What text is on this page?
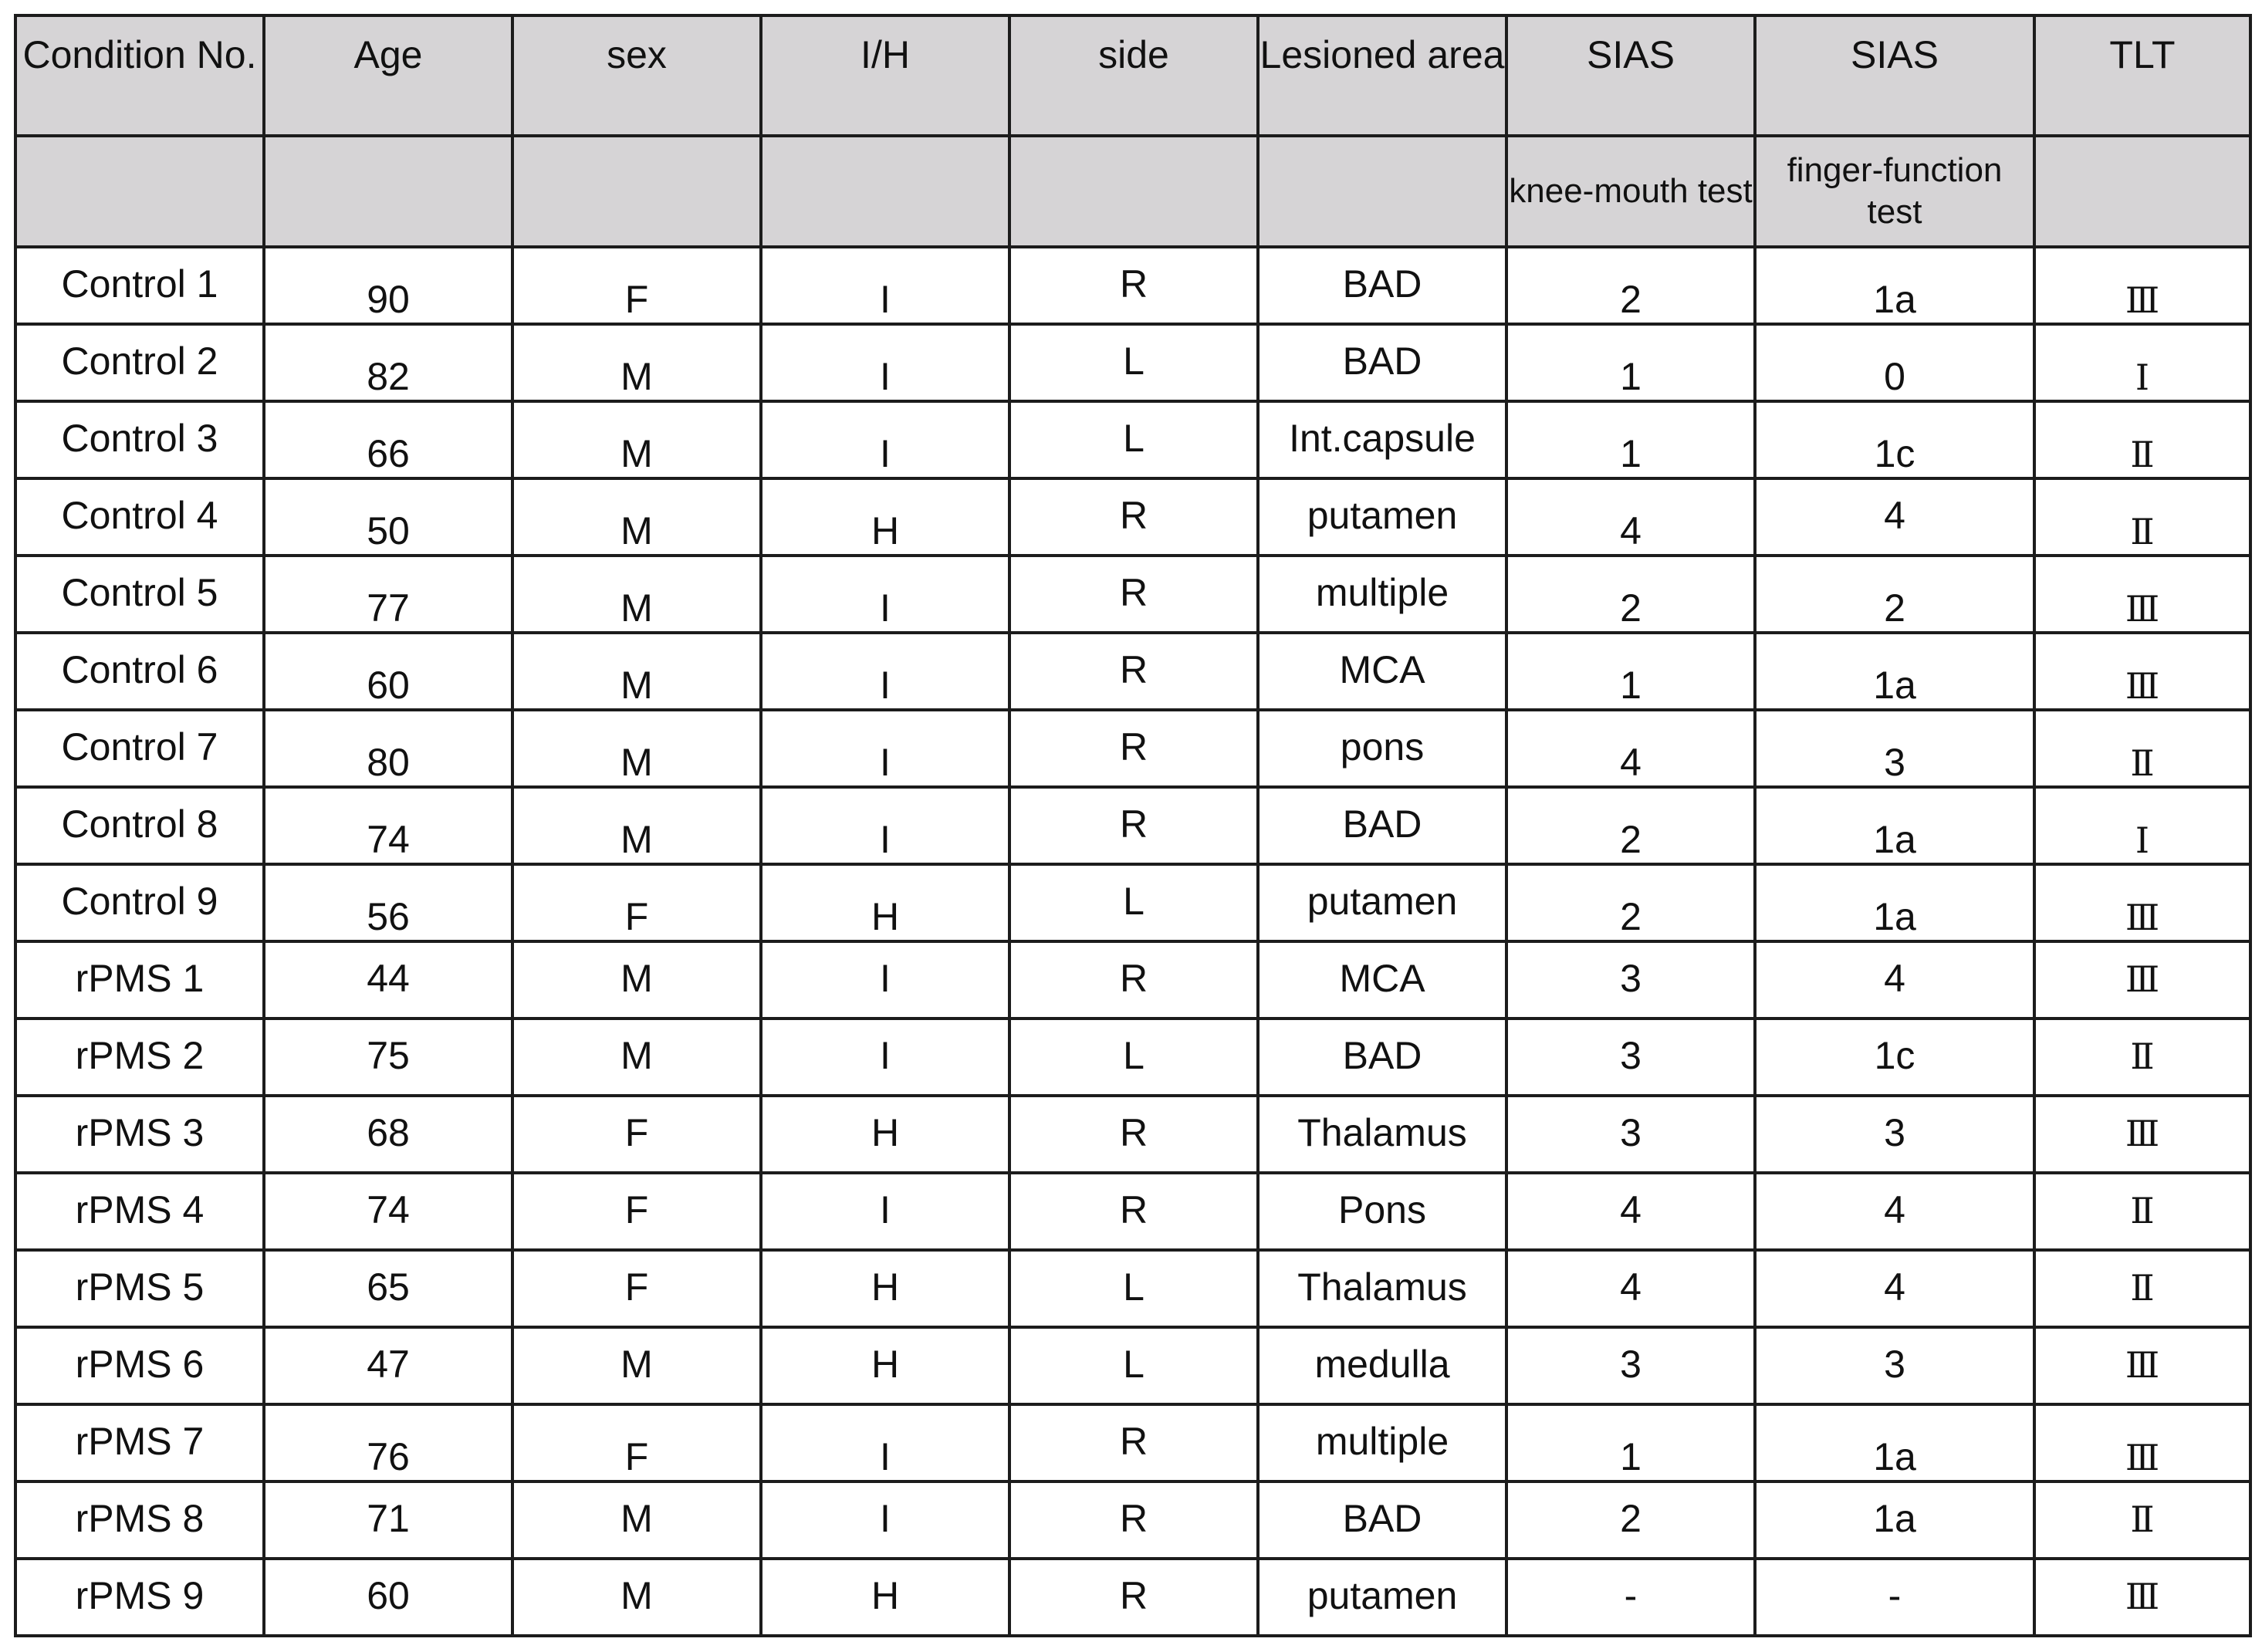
Condition No.	Age	sex	I/H	side	Lesioned area	SIAS	SIAS	TLT
						knee-mouth test	finger-function test	
Control 1	90	F	I	R	BAD	2	1a	Ⅲ
Control 2	82	M	I	L	BAD	1	0	Ⅰ
Control 3	66	M	I	L	Int.capsule	1	1c	Ⅱ
Control 4	50	M	H	R	putamen	4	4	Ⅱ
Control 5	77	M	I	R	multiple	2	2	Ⅲ
Control 6	60	M	I	R	MCA	1	1a	Ⅲ
Control 7	80	M	I	R	pons	4	3	Ⅱ
Control 8	74	M	I	R	BAD	2	1a	Ⅰ
Control 9	56	F	H	L	putamen	2	1a	Ⅲ
rPMS 1	44	M	I	R	MCA	3	4	Ⅲ
rPMS 2	75	M	I	L	BAD	3	1c	Ⅱ
rPMS 3	68	F	H	R	Thalamus	3	3	Ⅲ
rPMS 4	74	F	I	R	Pons	4	4	Ⅱ
rPMS 5	65	F	H	L	Thalamus	4	4	Ⅱ
rPMS 6	47	M	H	L	medulla	3	3	Ⅲ
rPMS 7	76	F	I	R	multiple	1	1a	Ⅲ
rPMS 8	71	M	I	R	BAD	2	1a	Ⅱ
rPMS 9	60	M	H	R	putamen	-	-	Ⅲ
